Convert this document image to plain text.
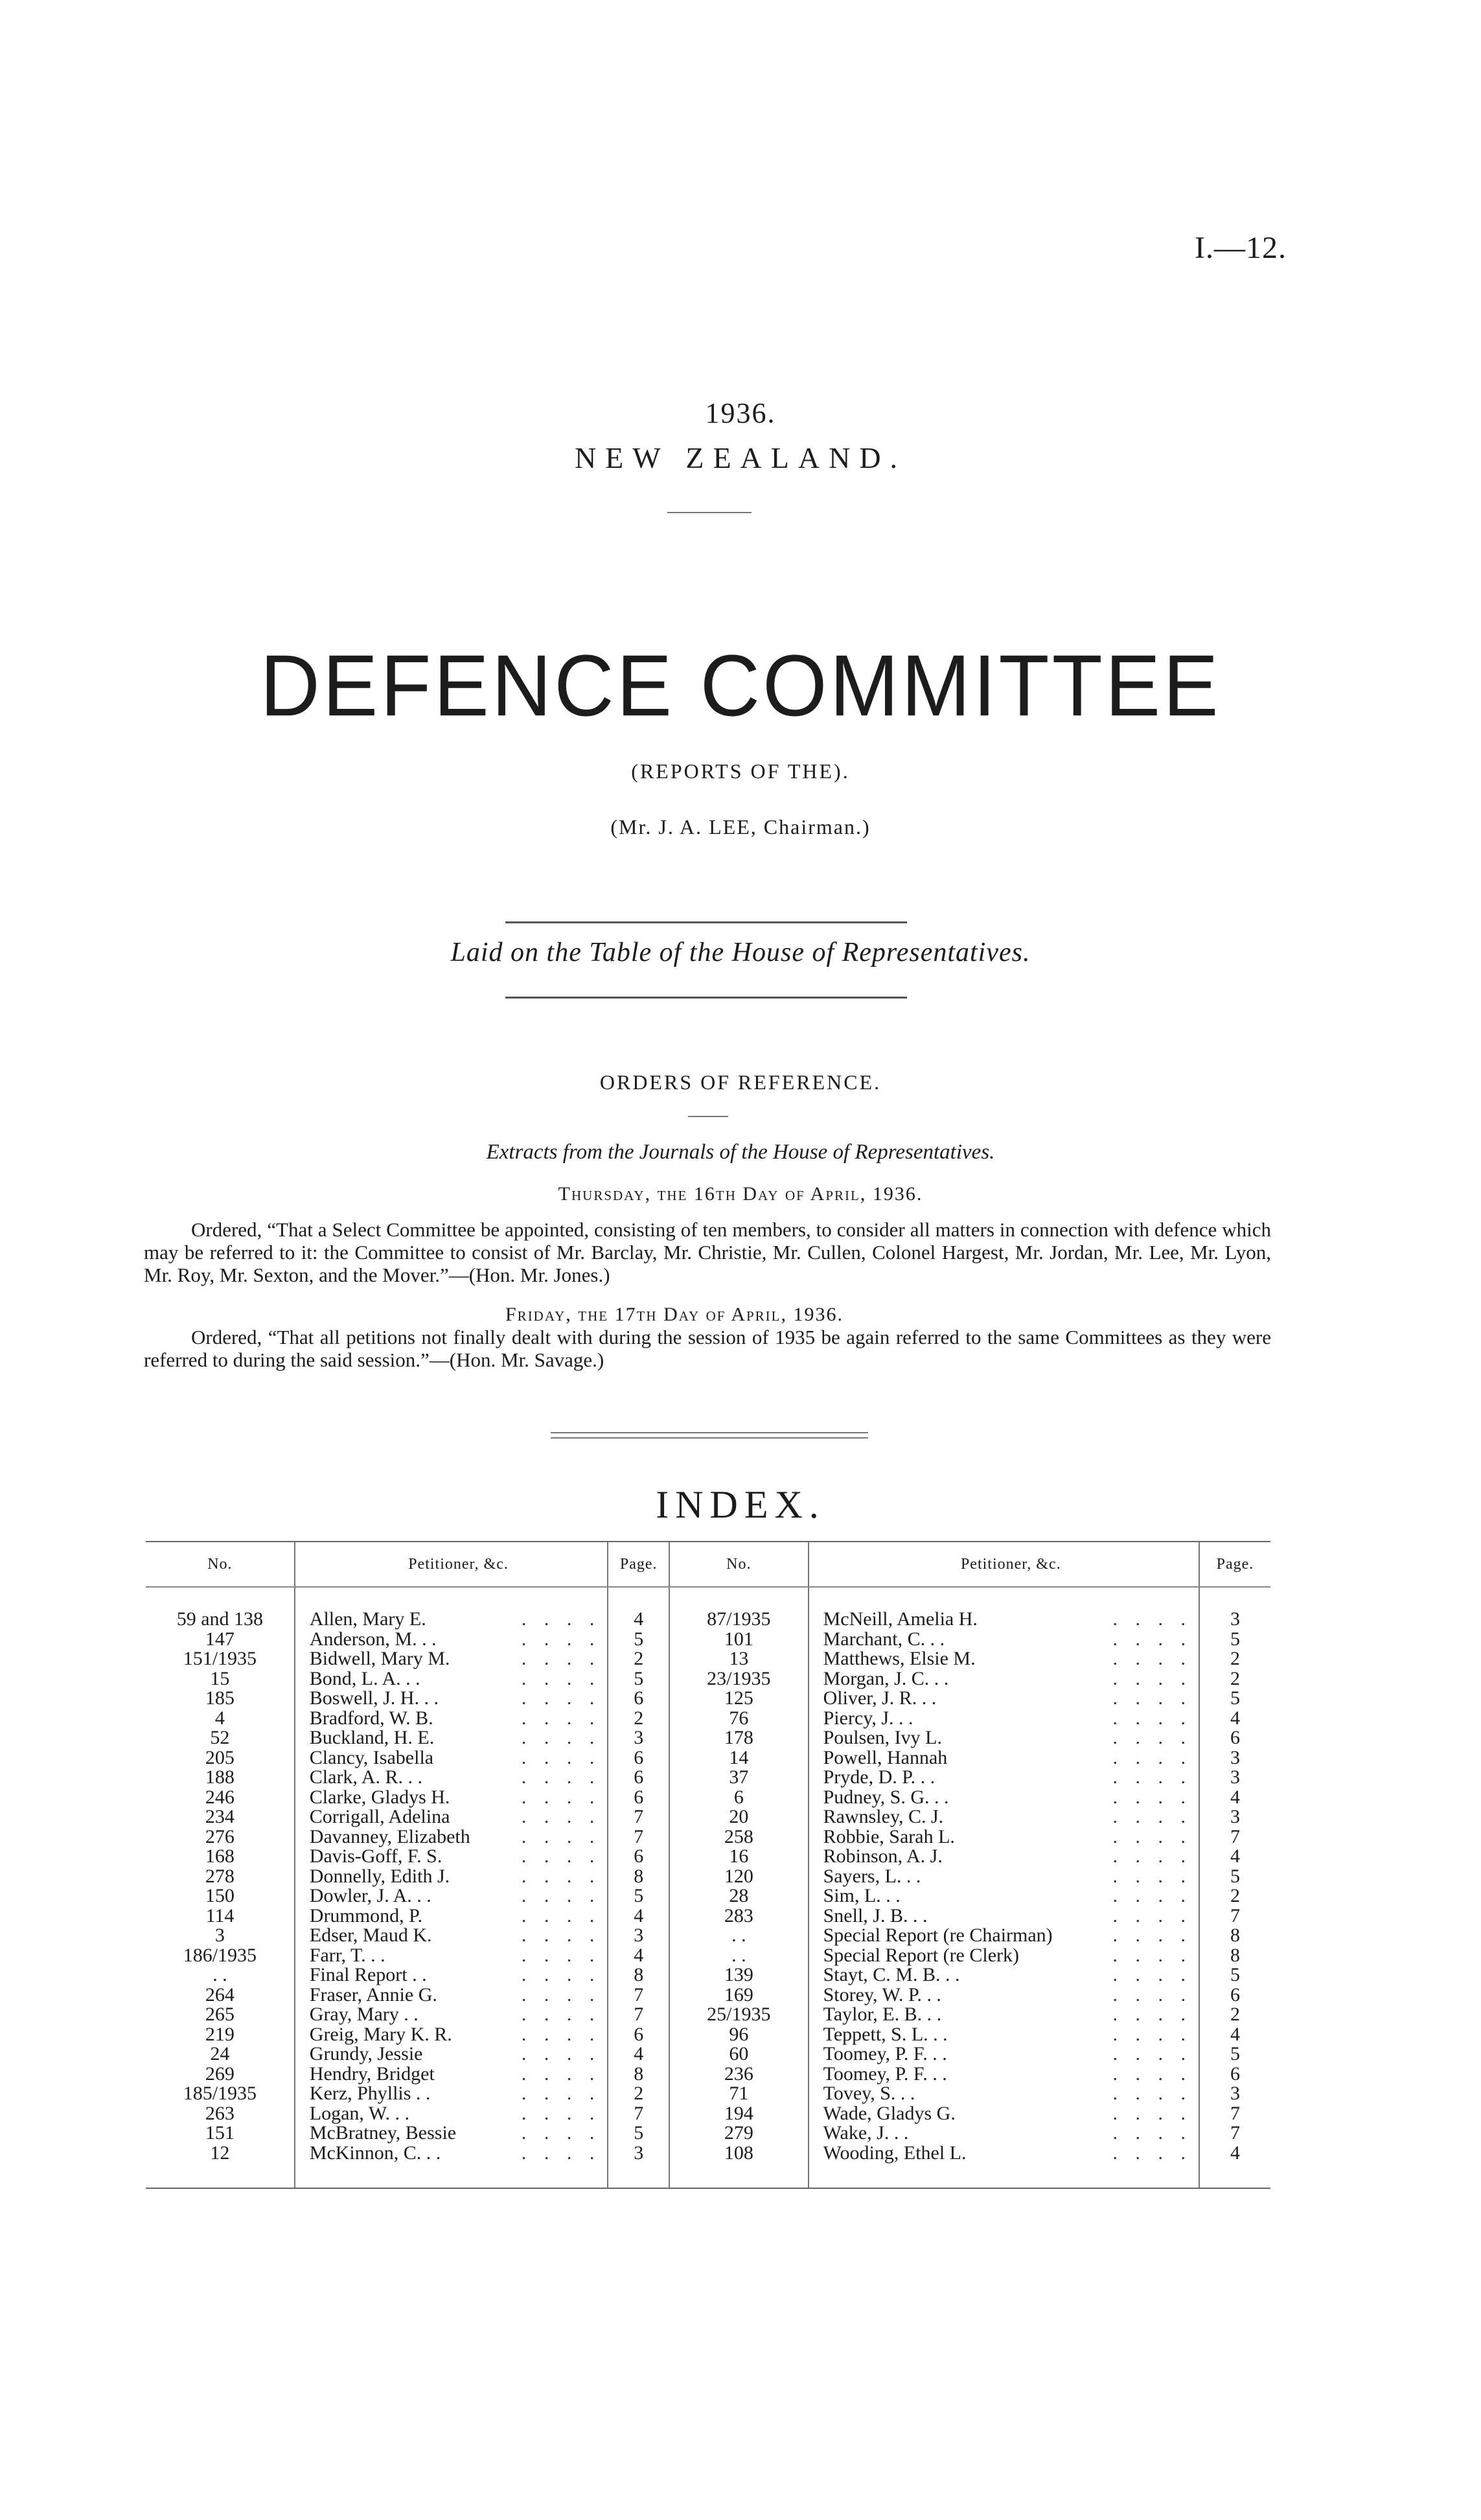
I.—12.
1936.
NEW ZEALAND.
DEFENCE COMMITTEE
(REPORTS OF THE).
(Mr. J. A. LEE, Chairman.)
Laid on the Table of the House of Representatives.
ORDERS OF REFERENCE.
Extracts from the Journals of the House of Representatives.
Thursday, the 16th Day of April, 1936.
Ordered, “That a Select Committee be appointed, consisting of ten members, to consider all matters in connection with defence which may be referred to it: the Committee to consist of Mr. Barclay, Mr. Christie, Mr. Cullen, Colonel Hargest, Mr. Jordan, Mr. Lee, Mr. Lyon, Mr. Roy, Mr. Sexton, and the Mover.”—(Hon. Mr. Jones.)
Friday, the 17th Day of April, 1936.
Ordered, “That all petitions not finally dealt with during the session of 1935 be again referred to the same Committees as they were referred to during the said session.”—(Hon. Mr. Savage.)
INDEX.
No.	Petitioner, &c.	Page.	No.	Petitioner, &c.	Page.

59 and 138	Allen, Mary E. . . . .	4	87/1935	McNeill, Amelia H. . . . .	3
147	Anderson, M. . . . . . .	5	101	Marchant, C. . . . . . .	5
151/1935	Bidwell, Mary M. . . . .	2	13	Matthews, Elsie M. . . . .	2
15	Bond, L. A. . . . . . .	5	23/1935	Morgan, J. C. . . . . . .	2
185	Boswell, J. H. . . . . . .	6	125	Oliver, J. R. . . . . . .	5
4	Bradford, W. B. . . . .	2	76	Piercy, J. . . . . . .	4
52	Buckland, H. E. . . . .	3	178	Poulsen, Ivy L. . . . .	6
205	Clancy, Isabella . . . .	6	14	Powell, Hannah . . . .	3
188	Clark, A. R. . . . . . .	6	37	Pryde, D. P. . . . . . .	3
246	Clarke, Gladys H. . . . .	6	6	Pudney, S. G. . . . . . .	4
234	Corrigall, Adelina . . . .	7	20	Rawnsley, C. J. . . . .	3
276	Davanney, Elizabeth . . . .	7	258	Robbie, Sarah L. . . . .	7
168	Davis-Goff, F. S. . . . .	6	16	Robinson, A. J. . . . .	4
278	Donnelly, Edith J. . . . .	8	120	Sayers, L. . . . . . .	5
150	Dowler, J. A. . . . . . .	5	28	Sim, L. . . . . . .	2
114	Drummond, P. . . . .	4	283	Snell, J. B. . . . . . .	7
3	Edser, Maud K. . . . .	3	. .	Special Report (re Chairman) . . . .	8
186/1935	Farr, T. . . . . . .	4	. .	Special Report (re Clerk) . . . .	8
. .	Final Report . . . . . .	8	139	Stayt, C. M. B. . . . . . .	5
264	Fraser, Annie G. . . . .	7	169	Storey, W. P. . . . . . .	6
265	Gray, Mary . . . . . .	7	25/1935	Taylor, E. B. . . . . . .	2
219	Greig, Mary K. R. . . . .	6	96	Teppett, S. L. . . . . . .	4
24	Grundy, Jessie . . . .	4	60	Toomey, P. F. . . . . . .	5
269	Hendry, Bridget . . . .	8	236	Toomey, P. F. . . . . . .	6
185/1935	Kerz, Phyllis . . . . . .	2	71	Tovey, S. . . . . . .	3
263	Logan, W. . . . . . .	7	194	Wade, Gladys G. . . . .	7
151	McBratney, Bessie . . . .	5	279	Wake, J. . . . . . .	7
12	McKinnon, C. . . . . . .	3	108	Wooding, Ethel L. . . . .	4
